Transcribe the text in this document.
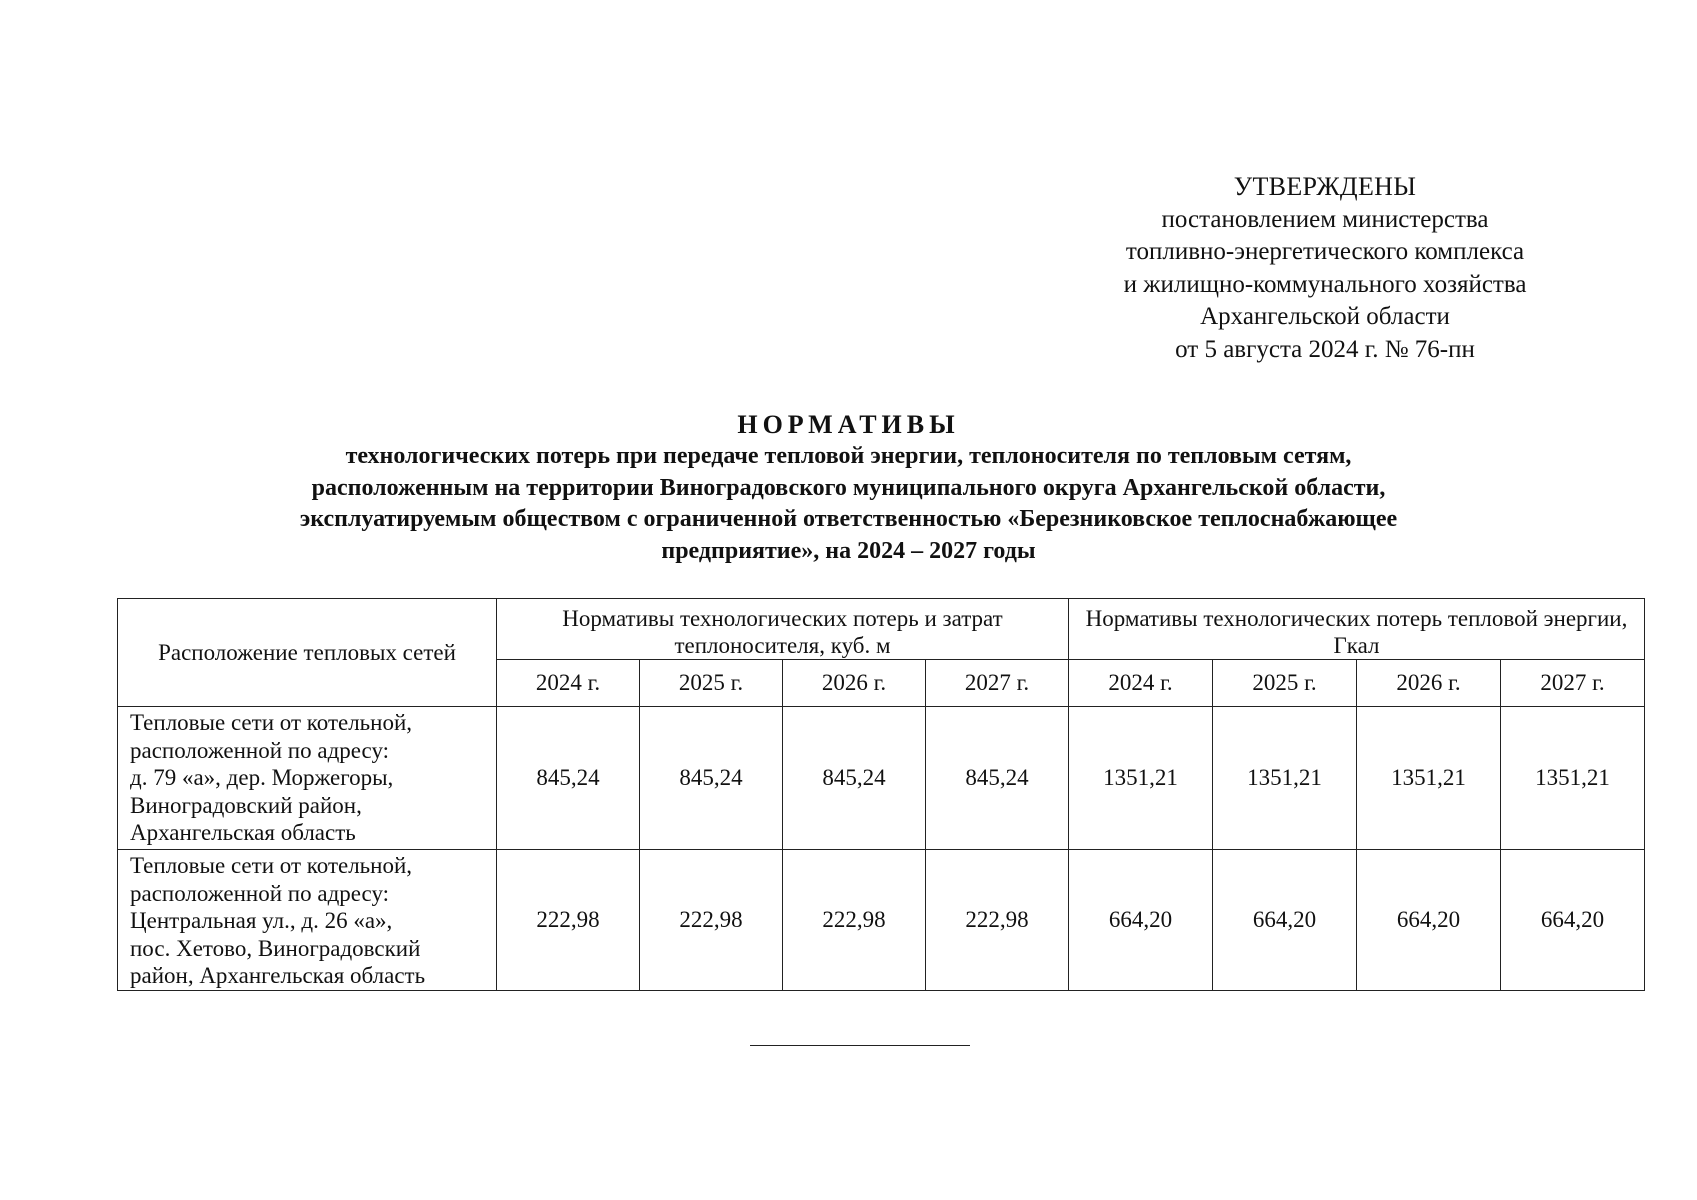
УТВЕРЖДЕНЫ
постановлением министерства
топливно-энергетического комплекса
и жилищно-коммунального хозяйства
Архангельской области
от 5 августа 2024 г. № 76-пн
НОРМАТИВЫ
технологических потерь при передаче тепловой энергии, теплоносителя по тепловым сетям,
расположенным на территории Виноградовского муниципального округа Архангельской области,
эксплуатируемым обществом с ограниченной ответственностью «Березниковское теплоснабжающее
предприятие», на 2024 – 2027 годы
Расположение тепловых сетей	Нормативы технологических потерь и затрат теплоносителя, куб. м				Нормативы технологических потерь тепловой энергии, Гкал			
	2024 г.	2025 г.	2026 г.	2027 г.	2024 г.	2025 г.	2026 г.	2027 г.

Тепловые сети от котельной,
расположенной по адресу:
д. 79 «а», дер. Моржегоры,
Виноградовский район,
Архангельская область	845,24	845,24	845,24	845,24	1351,21	1351,21	1351,21	1351,21

Тепловые сети от котельной,
расположенной по адресу:
Центральная ул., д. 26 «а»,
пос. Хетово, Виноградовский
район, Архангельская область	222,98	222,98	222,98	222,98	664,20	664,20	664,20	664,20
